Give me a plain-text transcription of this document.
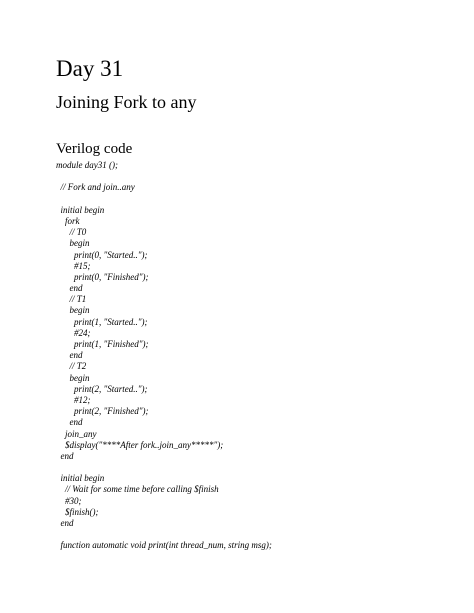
Day 31
Joining Fork to any
Verilog code
module day31 ();
// Fork and join..any
initial begin
fork
// T0
begin
print(0, "Started..");
#15;
print(0, "Finished");
end
// T1
begin
print(1, "Started..");
#24;
print(1, "Finished");
end
// T2
begin
print(2, "Started..");
#12;
print(2, "Finished");
end
join_any
$display("****After fork..join_any*****");
end
initial begin
// Wait for some time before calling $finish
#30;
$finish();
end
function automatic void print(int thread_num, string msg);
